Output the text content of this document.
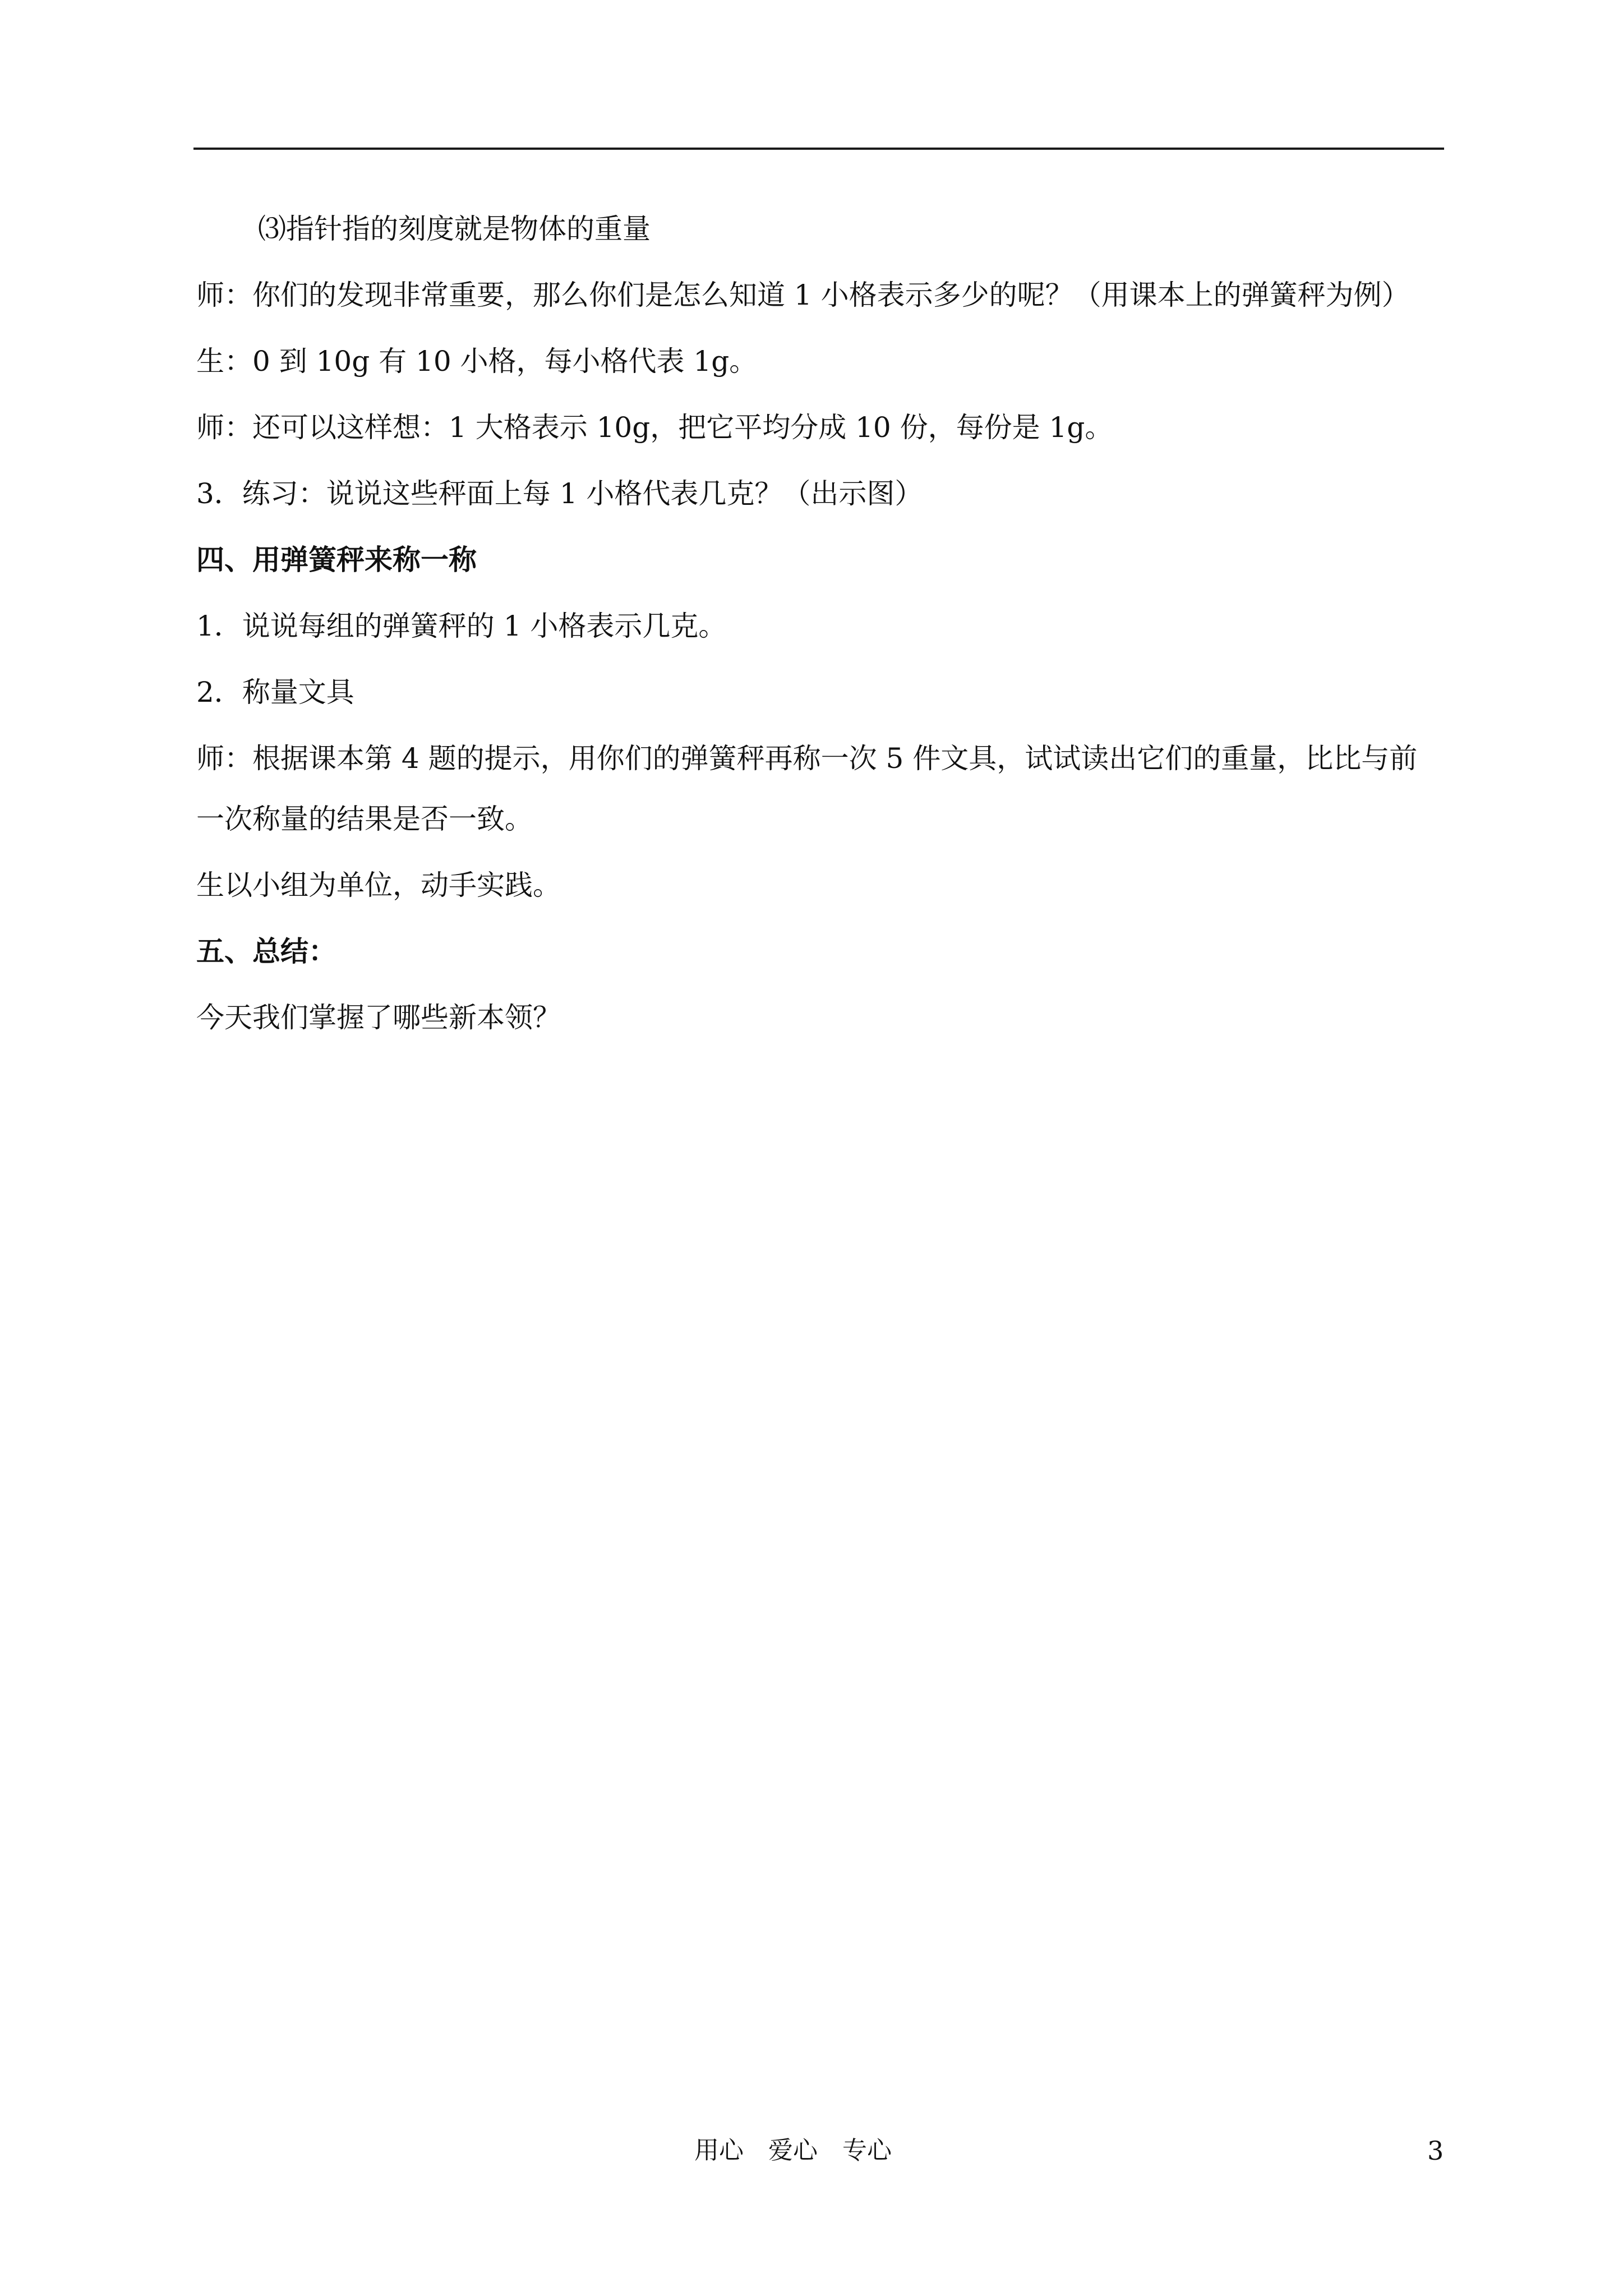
⑶指针指的刻度就是物体的重量

师：你们的发现非常重要，那么你们是怎么知道 1 小格表示多少的呢？（用课本上的弹簧秤为例）

生：0 到 10g 有 10 小格，每小格代表 1g。

师：还可以这样想：1 大格表示 10g，把它平均分成 10 份，每份是 1g。

3．练习：说说这些秤面上每 1 小格代表几克？（出示图）

四、用弹簧秤来称一称

1．说说每组的弹簧秤的 1 小格表示几克。

2．称量文具

师：根据课本第 4 题的提示，用你们的弹簧秤再称一次 5 件文具，试试读出它们的重量，比比与前

一次称量的结果是否一致。

生以小组为单位，动手实践。

五、总结：

今天我们掌握了哪些新本领？

用心　爱心　专心	3
